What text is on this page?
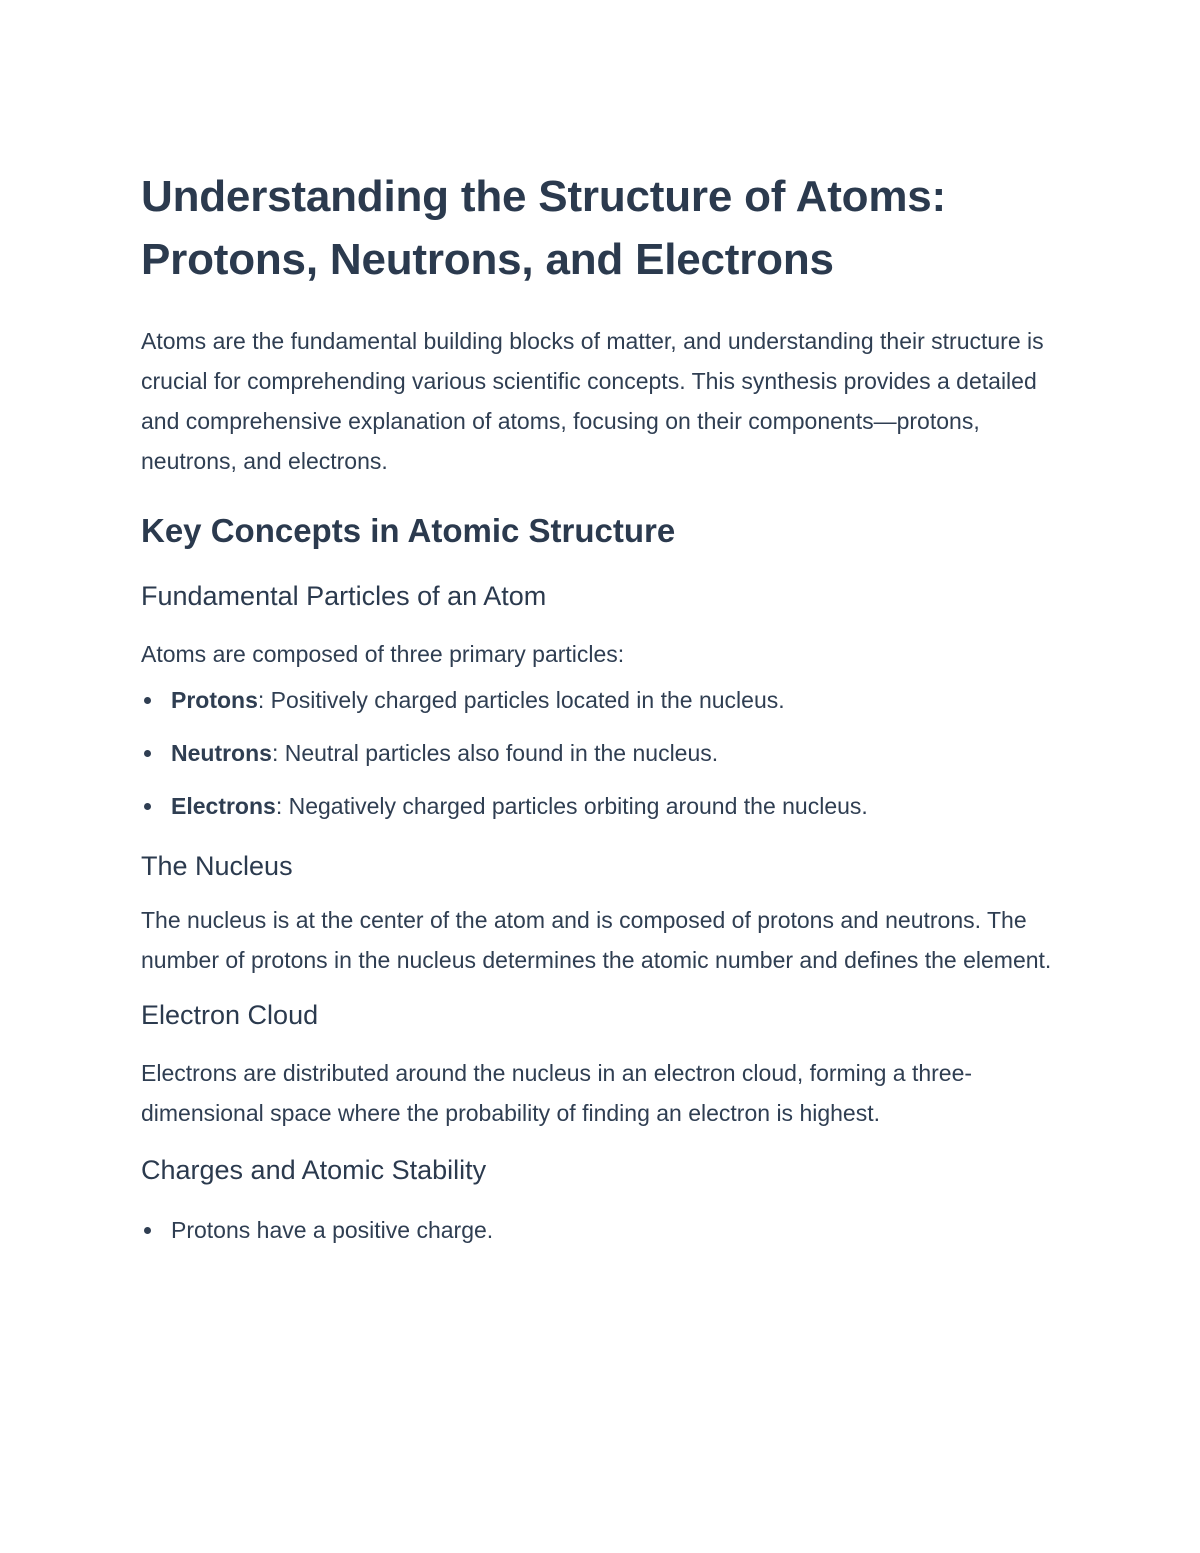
Understanding the Structure of Atoms: Protons, Neutrons, and Electrons

Atoms are the fundamental building blocks of matter, and understanding their structure is crucial for comprehending various scientific concepts. This synthesis provides a detailed and comprehensive explanation of atoms, focusing on their components—protons, neutrons, and electrons.

Key Concepts in Atomic Structure
Fundamental Particles of an Atom

Atoms are composed of three primary particles:

Protons: Positively charged particles located in the nucleus.
Neutrons: Neutral particles also found in the nucleus.
Electrons: Negatively charged particles orbiting around the nucleus.
The Nucleus

The nucleus is at the center of the atom and is composed of protons and neutrons. The number of protons in the nucleus determines the atomic number and defines the element.

Electron Cloud

Electrons are distributed around the nucleus in an electron cloud, forming a three-dimensional space where the probability of finding an electron is highest.

Charges and Atomic Stability
Protons have a positive charge.
